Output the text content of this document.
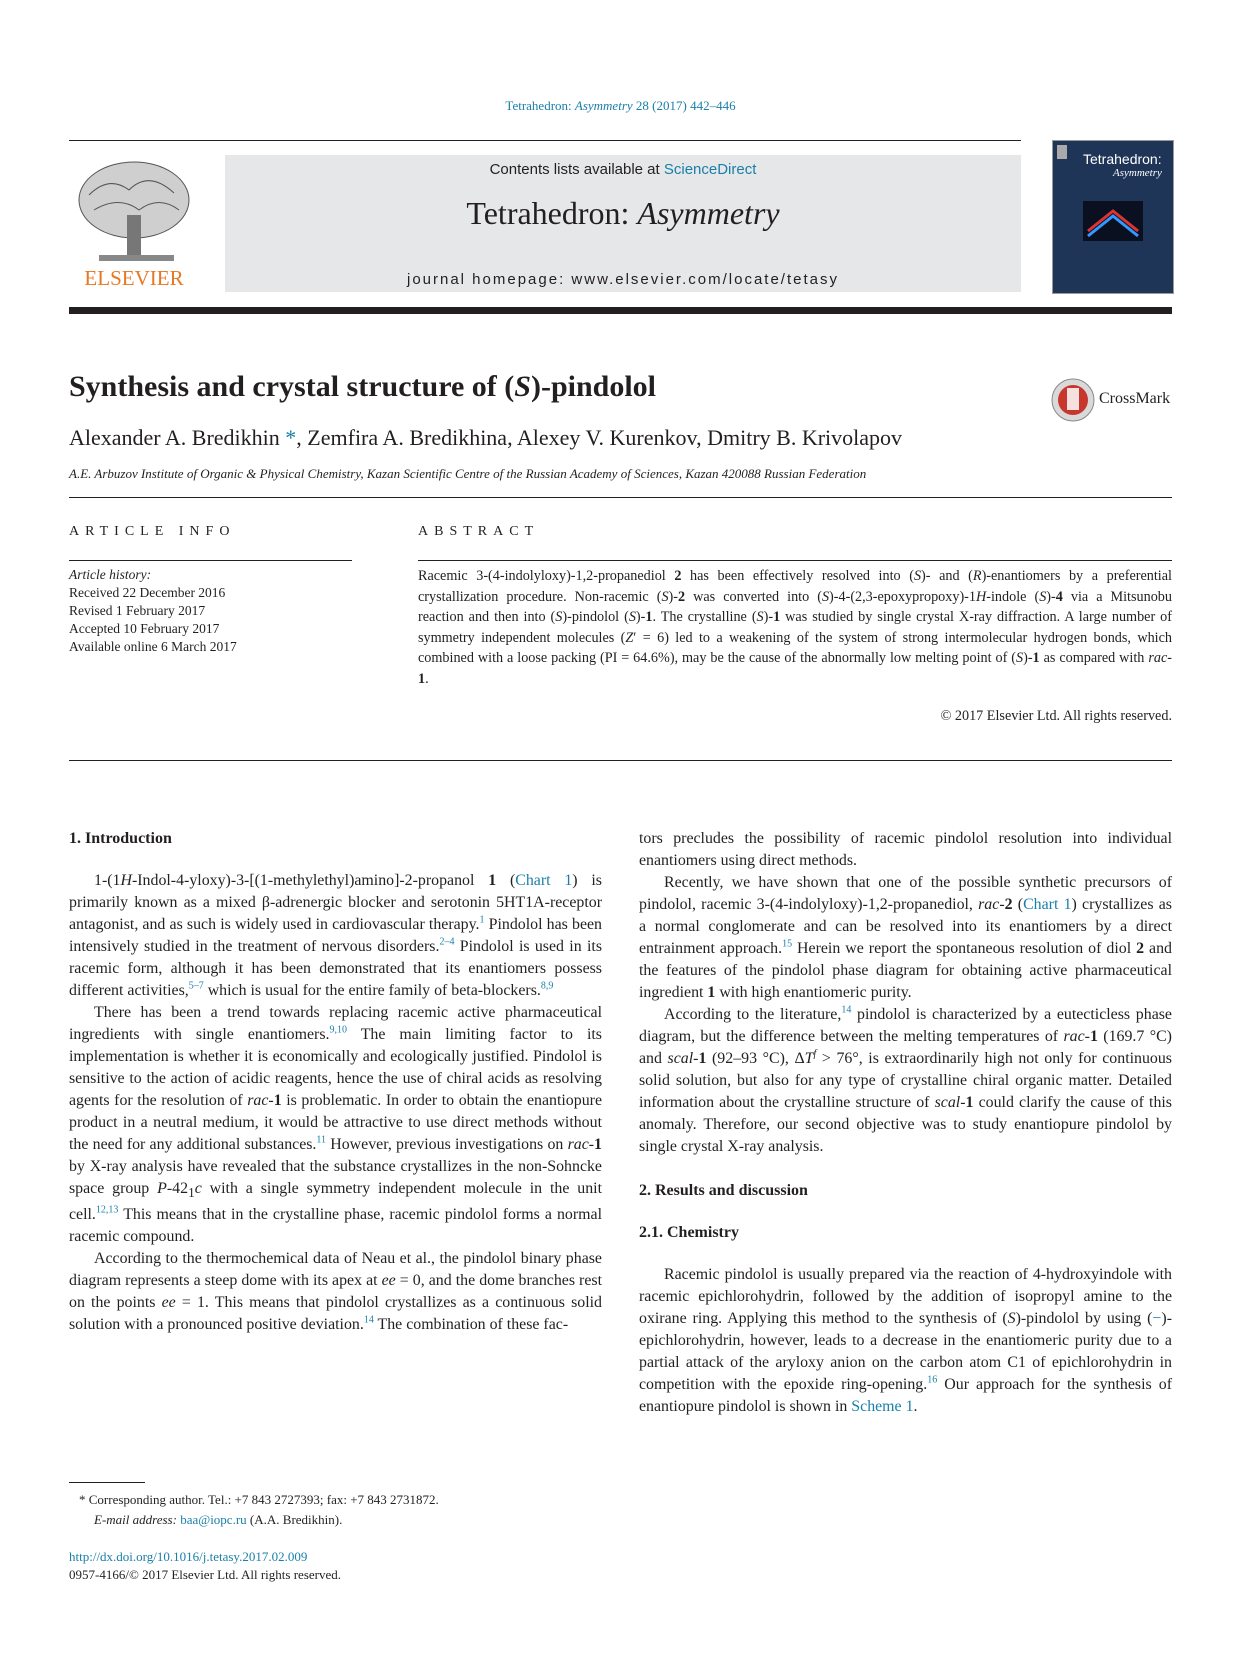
Tetrahedron: Asymmetry 28 (2017) 442–446
ELSEVIER
Contents lists available at ScienceDirect
Tetrahedron: Asymmetry
journal homepage: www.elsevier.com/locate/tetasy
Tetrahedron:
Asymmetry
Synthesis and crystal structure of (S)-pindolol	CrossMark
Alexander A. Bredikhin *, Zemfira A. Bredikhina, Alexey V. Kurenkov, Dmitry B. Krivolapov
A.E. Arbuzov Institute of Organic & Physical Chemistry, Kazan Scientific Centre of the Russian Academy of Sciences, Kazan 420088 Russian Federation
ARTICLE INFO	ABSTRACT
Article history:
Received 22 December 2016
Revised 1 February 2017
Accepted 10 February 2017
Available online 6 March 2017
Racemic 3-(4-indolyloxy)-1,2-propanediol 2 has been effectively resolved into (S)- and (R)-enantiomers by a preferential crystallization procedure. Non-racemic (S)-2 was converted into (S)-4-(2,3-epoxypropoxy)-1H-indole (S)-4 via a Mitsunobu reaction and then into (S)-pindolol (S)-1. The crystalline (S)-1 was studied by single crystal X-ray diffraction. A large number of symmetry independent molecules (Z′ = 6) led to a weakening of the system of strong intermolecular hydrogen bonds, which combined with a loose packing (PI = 64.6%), may be the cause of the abnormally low melting point of (S)-1 as compared with rac-1.
© 2017 Elsevier Ltd. All rights reserved.
1. Introduction

1-(1H-Indol-4-yloxy)-3-[(1-methylethyl)amino]-2-propanol 1 (Chart 1) is primarily known as a mixed β-adrenergic blocker and serotonin 5HT1A-receptor antagonist, and as such is widely used in cardiovascular therapy.$^1$ Pindolol has been intensively studied in the treatment of nervous disorders.$^{2-4}$ Pindolol is used in its racemic form, although it has been demonstrated that its enantiomers possess different activities,$^{5-7}$ which is usual for the entire family of beta-blockers.$^{8,9}$

There has been a trend towards replacing racemic active pharmaceutical ingredients with single enantiomers.$^{9,10}$ The main limiting factor to its implementation is whether it is economically and ecologically justified. Pindolol is sensitive to the action of acidic reagents, hence the use of chiral acids as resolving agents for the resolution of rac-1 is problematic. In order to obtain the enantiopure product in a neutral medium, it would be attractive to use direct methods without the need for any additional substances.$^{11}$ However, previous investigations on rac-1 by X-ray analysis have revealed that the substance crystallizes in the non-Sohncke space group $P-42_1c$ with a single symmetry independent molecule in the unit cell.$^{12,13}$ This means that in the crystalline phase, racemic pindolol forms a normal racemic compound.

According to the thermochemical data of Neau et al., the pindolol binary phase diagram represents a steep dome with its apex at ee = 0, and the dome branches rest on the points ee = 1. This means that pindolol crystallizes as a continuous solid solution with a pronounced positive deviation.$^{14}$ The combination of these fac-

tors precludes the possibility of racemic pindolol resolution into individual enantiomers using direct methods.

Recently, we have shown that one of the possible synthetic precursors of pindolol, racemic 3-(4-indolyloxy)-1,2-propanediol, rac-2 (Chart 1) crystallizes as a normal conglomerate and can be resolved into its enantiomers by a direct entrainment approach.$^{15}$ Herein we report the spontaneous resolution of diol 2 and the features of the pindolol phase diagram for obtaining active pharmaceutical ingredient 1 with high enantiomeric purity.

According to the literature,$^{14}$ pindolol is characterized by a eutecticless phase diagram, but the difference between the melting temperatures of rac-1 (169.7 °C) and scal-1 (92–93 °C), $\Delta T^f > 76^\circ$, is extraordinarily high not only for continuous solid solution, but also for any type of crystalline chiral organic matter. Detailed information about the crystalline structure of scal-1 could clarify the cause of this anomaly. Therefore, our second objective was to study enantiopure pindolol by single crystal X-ray analysis.

2. Results and discussion
2.1. Chemistry

Racemic pindolol is usually prepared via the reaction of 4-hydroxyindole with racemic epichlorohydrin, followed by the addition of isopropyl amine to the oxirane ring. Applying this method to the synthesis of (S)-pindolol by using (−)-epichlorohydrin, however, leads to a decrease in the enantiomeric purity due to a partial attack of the aryloxy anion on the carbon atom C1 of epichlorohydrin in competition with the epoxide ring-opening.$^{16}$ Our approach for the synthesis of enantiopure pindolol is shown in Scheme 1.

* Corresponding author. Tel.: +7 843 2727393; fax: +7 843 2731872.
E-mail address: baa@iopc.ru (A.A. Bredikhin).
http://dx.doi.org/10.1016/j.tetasy.2017.02.009
0957-4166/© 2017 Elsevier Ltd. All rights reserved.
